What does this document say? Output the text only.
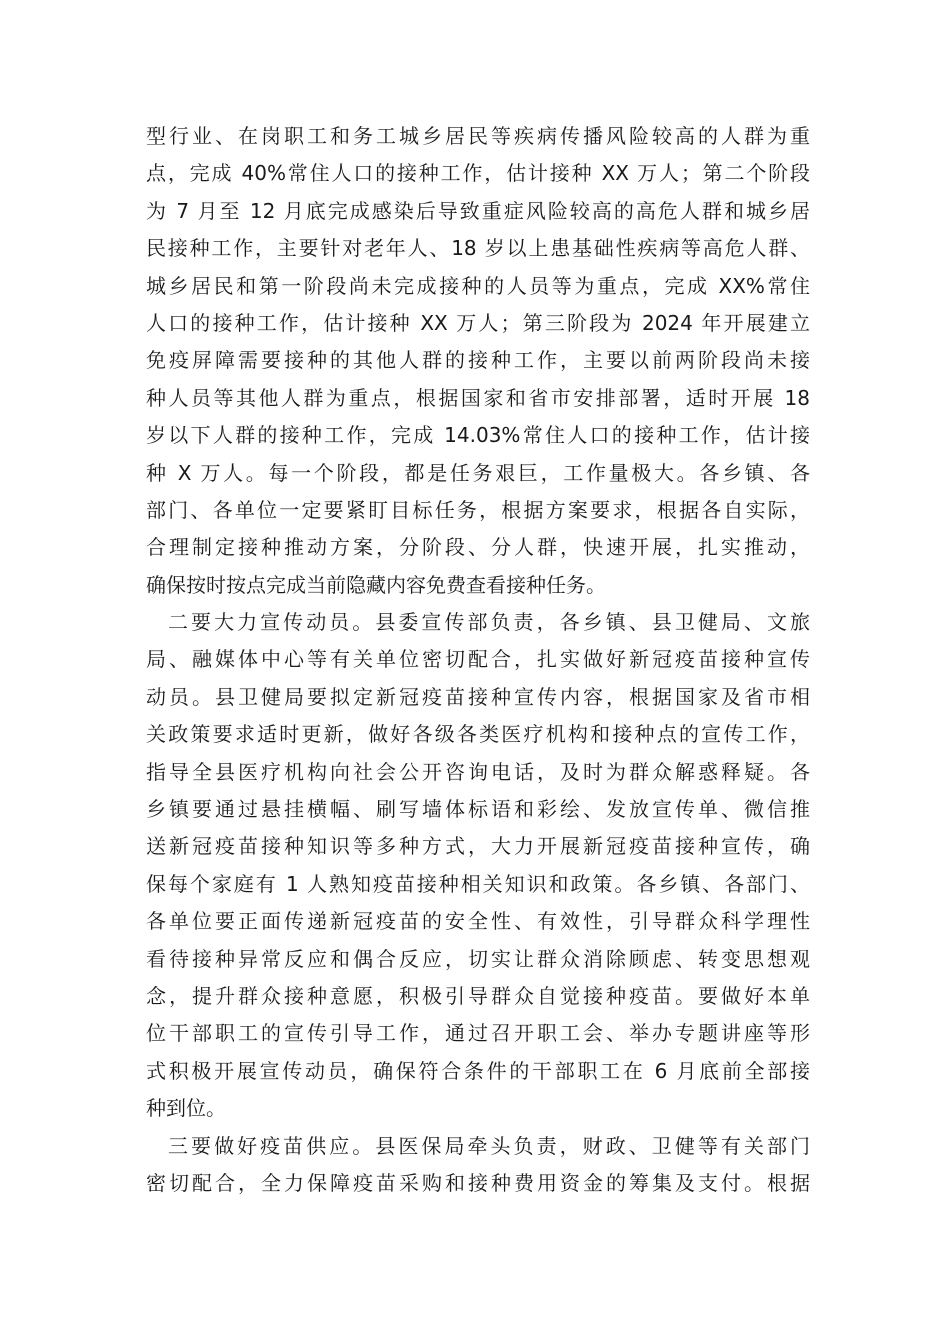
型行业、在岗职工和务工城乡居民等疾病传播风险较高的人群为重
点，完成 40%常住人口的接种工作，估计接种 XX 万人；第二个阶段
为 7 月至 12 月底完成感染后导致重症风险较高的高危人群和城乡居
民接种工作，主要针对老年人、18 岁以上患基础性疾病等高危人群、
城乡居民和第一阶段尚未完成接种的人员等为重点，完成 XX%常住
人口的接种工作，估计接种 XX 万人；第三阶段为 2024 年开展建立
免疫屏障需要接种的其他人群的接种工作，主要以前两阶段尚未接
种人员等其他人群为重点，根据国家和省市安排部署，适时开展 18
岁以下人群的接种工作，完成 14.03%常住人口的接种工作，估计接
种 X 万人。每一个阶段，都是任务艰巨，工作量极大。各乡镇、各
部门、各单位一定要紧盯目标任务，根据方案要求，根据各自实际，
合理制定接种推动方案，分阶段、分人群，快速开展，扎实推动，
确保按时按点完成当前隐藏内容免费查看接种任务。
二要大力宣传动员。县委宣传部负责，各乡镇、县卫健局、文旅
局、融媒体中心等有关单位密切配合，扎实做好新冠疫苗接种宣传
动员。县卫健局要拟定新冠疫苗接种宣传内容，根据国家及省市相
关政策要求适时更新，做好各级各类医疗机构和接种点的宣传工作，
指导全县医疗机构向社会公开咨询电话，及时为群众解惑释疑。各
乡镇要通过悬挂横幅、刷写墙体标语和彩绘、发放宣传单、微信推
送新冠疫苗接种知识等多种方式，大力开展新冠疫苗接种宣传，确
保每个家庭有 1 人熟知疫苗接种相关知识和政策。各乡镇、各部门、
各单位要正面传递新冠疫苗的安全性、有效性，引导群众科学理性
看待接种异常反应和偶合反应，切实让群众消除顾虑、转变思想观
念，提升群众接种意愿，积极引导群众自觉接种疫苗。要做好本单
位干部职工的宣传引导工作，通过召开职工会、举办专题讲座等形
式积极开展宣传动员，确保符合条件的干部职工在 6 月底前全部接
种到位。
三要做好疫苗供应。县医保局牵头负责，财政、卫健等有关部门
密切配合，全力保障疫苗采购和接种费用资金的筹集及支付。根据
